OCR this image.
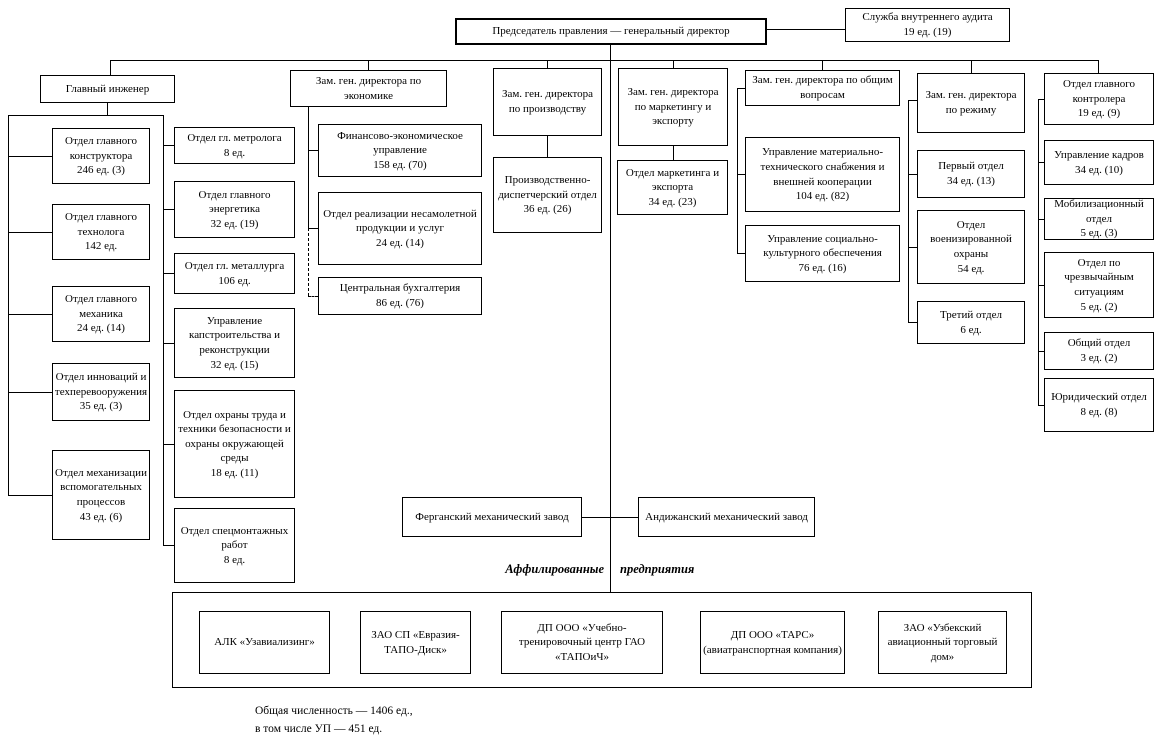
Председатель правления — генеральный директор
Служба внутреннего аудита
19 ед. (19)
Главный инженер
Отдел главного конструктора
246 ед. (3)
Отдел главного технолога
142 ед.
Отдел главного механика
24 ед. (14)
Отдел инноваций и техперевооружения
35 ед. (3)
Отдел механизации вспомогательных процессов
43 ед. (6)
Отдел гл. метролога
8 ед.
Отдел главного энергетика
32 ед. (19)
Отдел гл. металлурга
106 ед.
Управление капстроительства и реконструкции
32 ед. (15)
Отдел охраны труда и техники безопасности и охраны окружающей среды
18 ед. (11)
Отдел спецмонтажных работ
8 ед.
Зам. ген. директора по экономике
Финансово-экономическое управление
158 ед. (70)
Отдел реализации несамолетной продукции и услуг
24 ед. (14)
Центральная бухгалтерия
86 ед. (76)
Зам. ген. директора по производству
Производственно-диспетчерский отдел
36 ед. (26)
Зам. ген. директора по маркетингу и экспорту
Отдел маркетинга и экспорта
34 ед. (23)
Зам. ген. директора по общим вопросам
Управление материально-технического снабжения и внешней кооперации
104 ед. (82)
Управление социально-культурного обеспечения
76 ед. (16)
Зам. ген. директора по режиму
Первый отдел
34 ед. (13)
Отдел военизированной охраны
54 ед.
Третий отдел
6 ед.
Отдел главного контролера
19 ед. (9)
Управление кадров
34 ед. (10)
Мобилизационный отдел
5 ед. (3)
Отдел по чрезвычайным ситуациям
5 ед. (2)
Общий отдел
3 ед. (2)
Юридический отдел
8 ед. (8)
Ферганский механический завод	Андижанский механический завод
Аффилированные предприятия
АЛК «Узавиализинг»
ЗАО СП «Евразия-ТАПО-Диск»
ДП ООО «Учебно-тренировочный центр ГАО «ТАПОиЧ»
ДП ООО «ТАРС» (авиатранспортная компания)
ЗАО «Узбекский авиационный торговый дом»
Общая численность — 1406 ед.,
в том числе УП — 451 ед.
